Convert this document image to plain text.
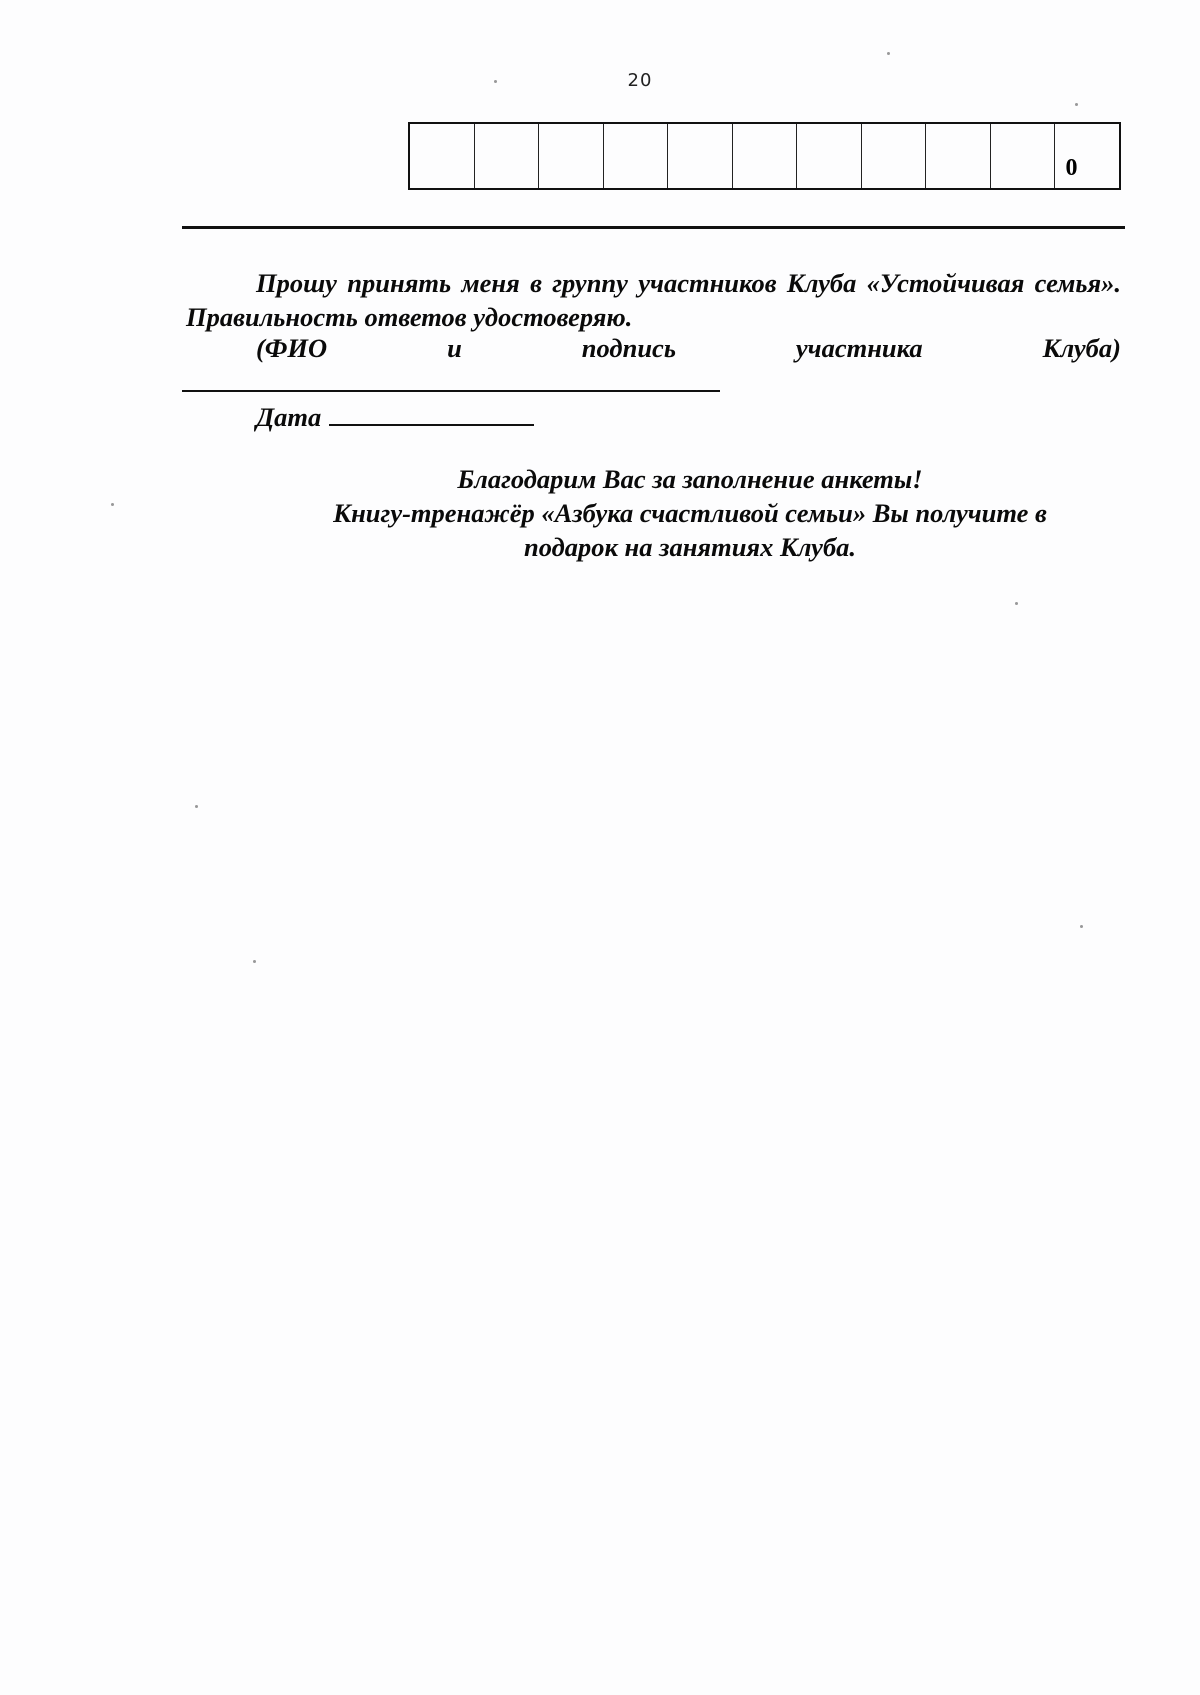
20
0

Прошу принять меня в группу участников Клуба «Устойчивая семья». Правильность ответов удостоверяю.

(ФИО	и	подпись	участника	Клуба)
Дата

Благодарим Вас за заполнение анкеты!

Книгу-тренажёр «Азбука счастливой семьи» Вы получите в подарок на занятиях Клуба.
